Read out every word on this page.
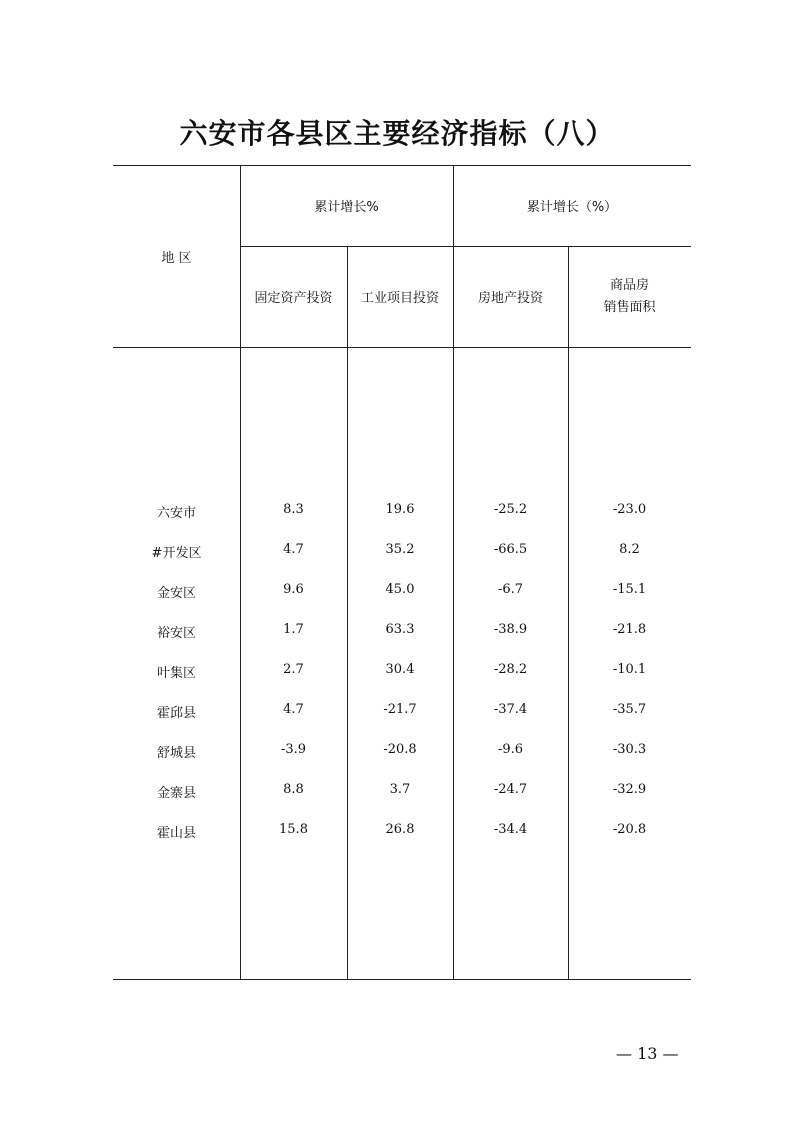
六安市各县区主要经济指标（八）
地 区
累计增长%	累计增长（%）
固定资产投资	工业项目投资	房地产投资
商品房
销售面积
六安市	8.3	19.6	-25.2	-23.0
#开发区	4.7	35.2	-66.5	8.2
金安区	9.6	45.0	-6.7	-15.1
裕安区	1.7	63.3	-38.9	-21.8
叶集区	2.7	30.4	-28.2	-10.1
霍邱县	4.7	-21.7	-37.4	-35.7
舒城县	-3.9	-20.8	-9.6	-30.3
金寨县	8.8	3.7	-24.7	-32.9
霍山县	15.8	26.8	-34.4	-20.8
— 13 —
